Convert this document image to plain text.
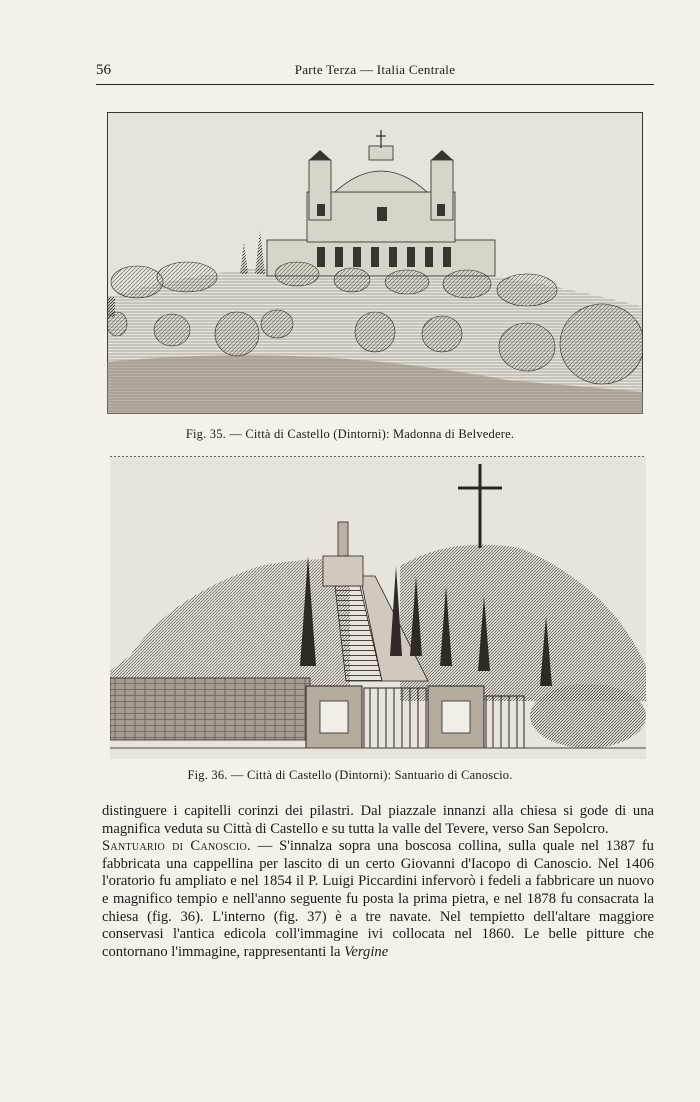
56	Parte Terza — Italia Centrale
Fig. 35. — Città di Castello (Dintorni): Madonna di Belvedere.
Fig. 36. — Città di Castello (Dintorni): Santuario di Canoscio.

distinguere i capitelli corinzi dei pilastri. Dal piazzale innanzi alla chiesa si gode di una magnifica veduta su Città di Castello e su tutta la valle del Tevere, verso San Sepolcro.

Santuario di Canoscio. — S'innalza sopra una boscosa collina, sulla quale nel 1387 fu fabbricata una cappellina per lascito di un certo Giovanni d'Iacopo di Canoscio. Nel 1406 l'oratorio fu ampliato e nel 1854 il P. Luigi Piccardini infervorò i fedeli a fabbricare un nuovo e magnifico tempio e nell'anno seguente fu posta la prima pietra, e nel 1878 fu consacrata la chiesa (fig. 36). L'interno (fig. 37) è a tre navate. Nel tempietto dell'altare maggiore conservasi l'antica edicola coll'immagine ivi collocata nel 1860. Le belle pitture che contornano l'immagine, rappresentanti la Vergine
